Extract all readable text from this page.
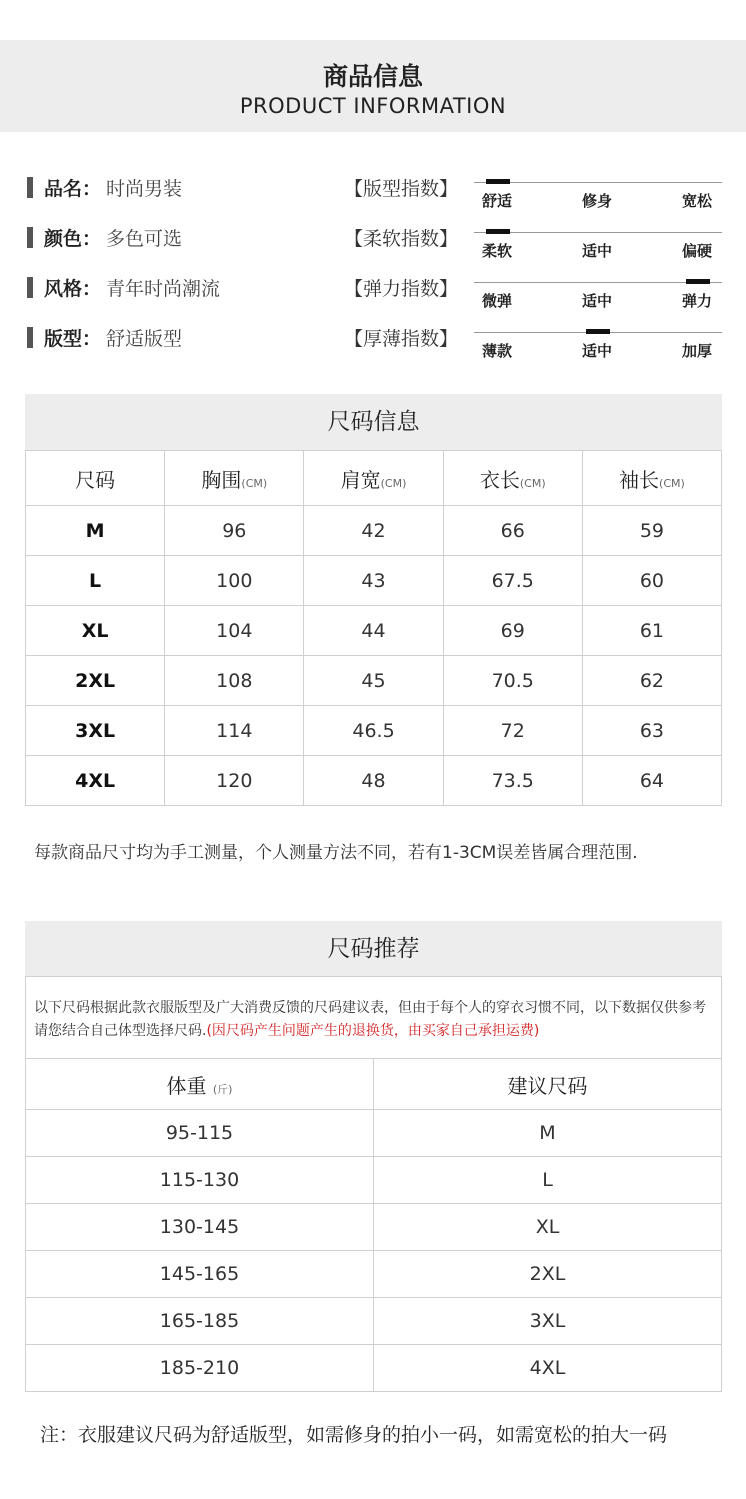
商品信息
PRODUCT INFORMATION
品名： 时尚男装	【版型指数】
舒适	修身	宽松
颜色： 多色可选	【柔软指数】
柔软	适中	偏硬
风格： 青年时尚潮流	【弹力指数】
微弹	适中	弹力
版型： 舒适版型	【厚薄指数】
薄款	适中	加厚
尺码信息
尺码	胸围(CM)	肩宽(CM)	衣长(CM)	袖长(CM)
M	96	42	66	59
L	100	43	67.5	60
XL	104	44	69	61
2XL	108	45	70.5	62
3XL	114	46.5	72	63
4XL	120	48	73.5	64
每款商品尺寸均为手工测量，个人测量方法不同，若有1-3CM误差皆属合理范围.
尺码推荐

以下尺码根据此款衣服版型及广大消费反馈的尺码建议表，但由于每个人的穿衣习惯不同，以下数据仅供参考请您结合自己体型选择尺码.(因尺码产生问题产生的退换货，由买家自己承担运费)

体重 (斤)	建议尺码
95-115	M
115-130	L
130-145	XL
145-165	2XL
165-185	3XL
185-210	4XL
注：衣服建议尺码为舒适版型，如需修身的拍小一码，如需宽松的拍大一码
